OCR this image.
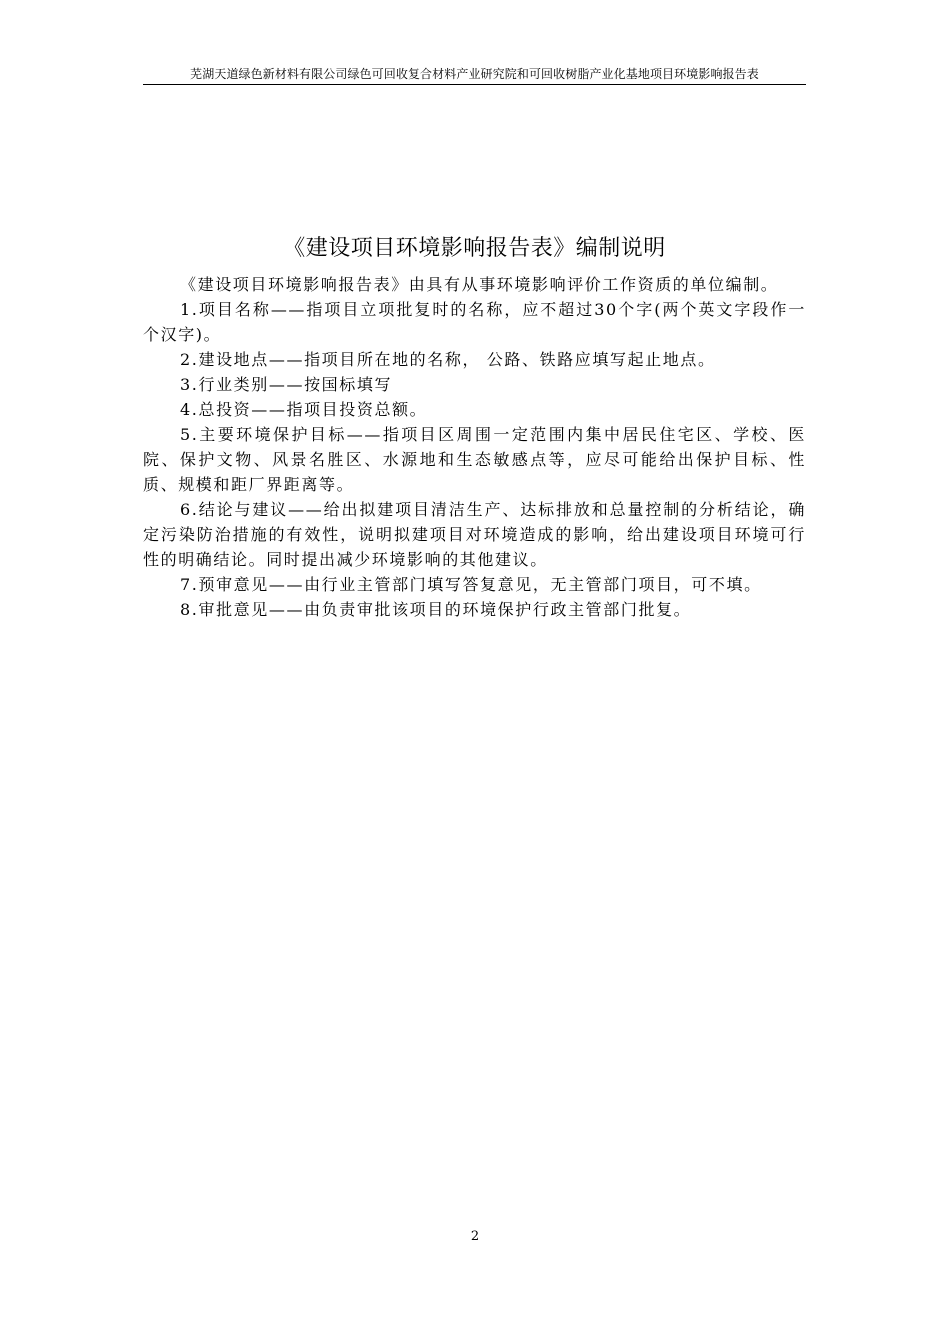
芜湖天道绿色新材料有限公司绿色可回收复合材料产业研究院和可回收树脂产业化基地项目环境影响报告表
《建设项目环境影响报告表》编制说明

《建设项目环境影响报告表》由具有从事环境影响评价工作资质的单位编制。

1.项目名称——指项目立项批复时的名称，应不超过30个字(两个英文字段作一个汉字)。

2.建设地点——指项目所在地的名称， 公路、铁路应填写起止地点。

3.行业类别——按国标填写

4.总投资——指项目投资总额。

5.主要环境保护目标——指项目区周围一定范围内集中居民住宅区、学校、医院、保护文物、风景名胜区、水源地和生态敏感点等，应尽可能给出保护目标、性质、规模和距厂界距离等。

6.结论与建议——给出拟建项目清洁生产、达标排放和总量控制的分析结论，确定污染防治措施的有效性，说明拟建项目对环境造成的影响，给出建设项目环境可行性的明确结论。同时提出减少环境影响的其他建议。

7.预审意见——由行业主管部门填写答复意见，无主管部门项目，可不填。

8.审批意见——由负责审批该项目的环境保护行政主管部门批复。

2
